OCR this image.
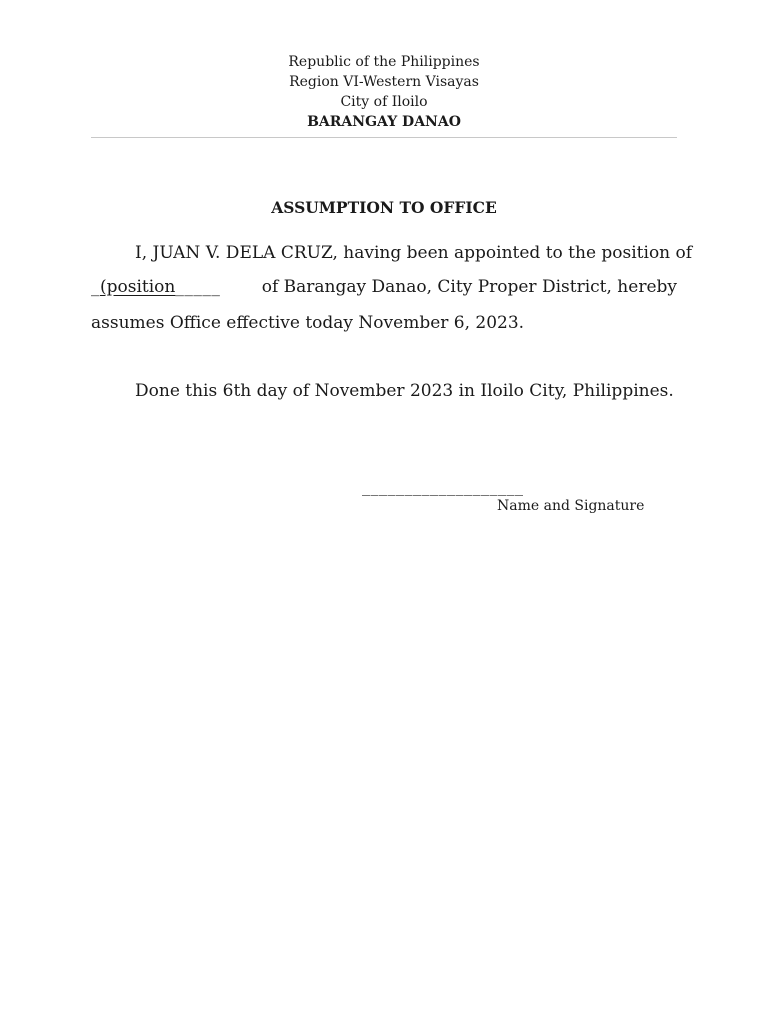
Republic of the Philippines
Region VI-Western Visayas
City of Iloilo
BARANGAY DANAO
ASSUMPTION TO OFFICE
I, JUAN V. DELA CRUZ, having been appointed to the position of
_(position_____ of Barangay Danao, City Proper District, hereby
assumes Office effective today November 6, 2023.
Done this 6th day of November 2023 in Iloilo City, Philippines.
___________________
Name and Signature
